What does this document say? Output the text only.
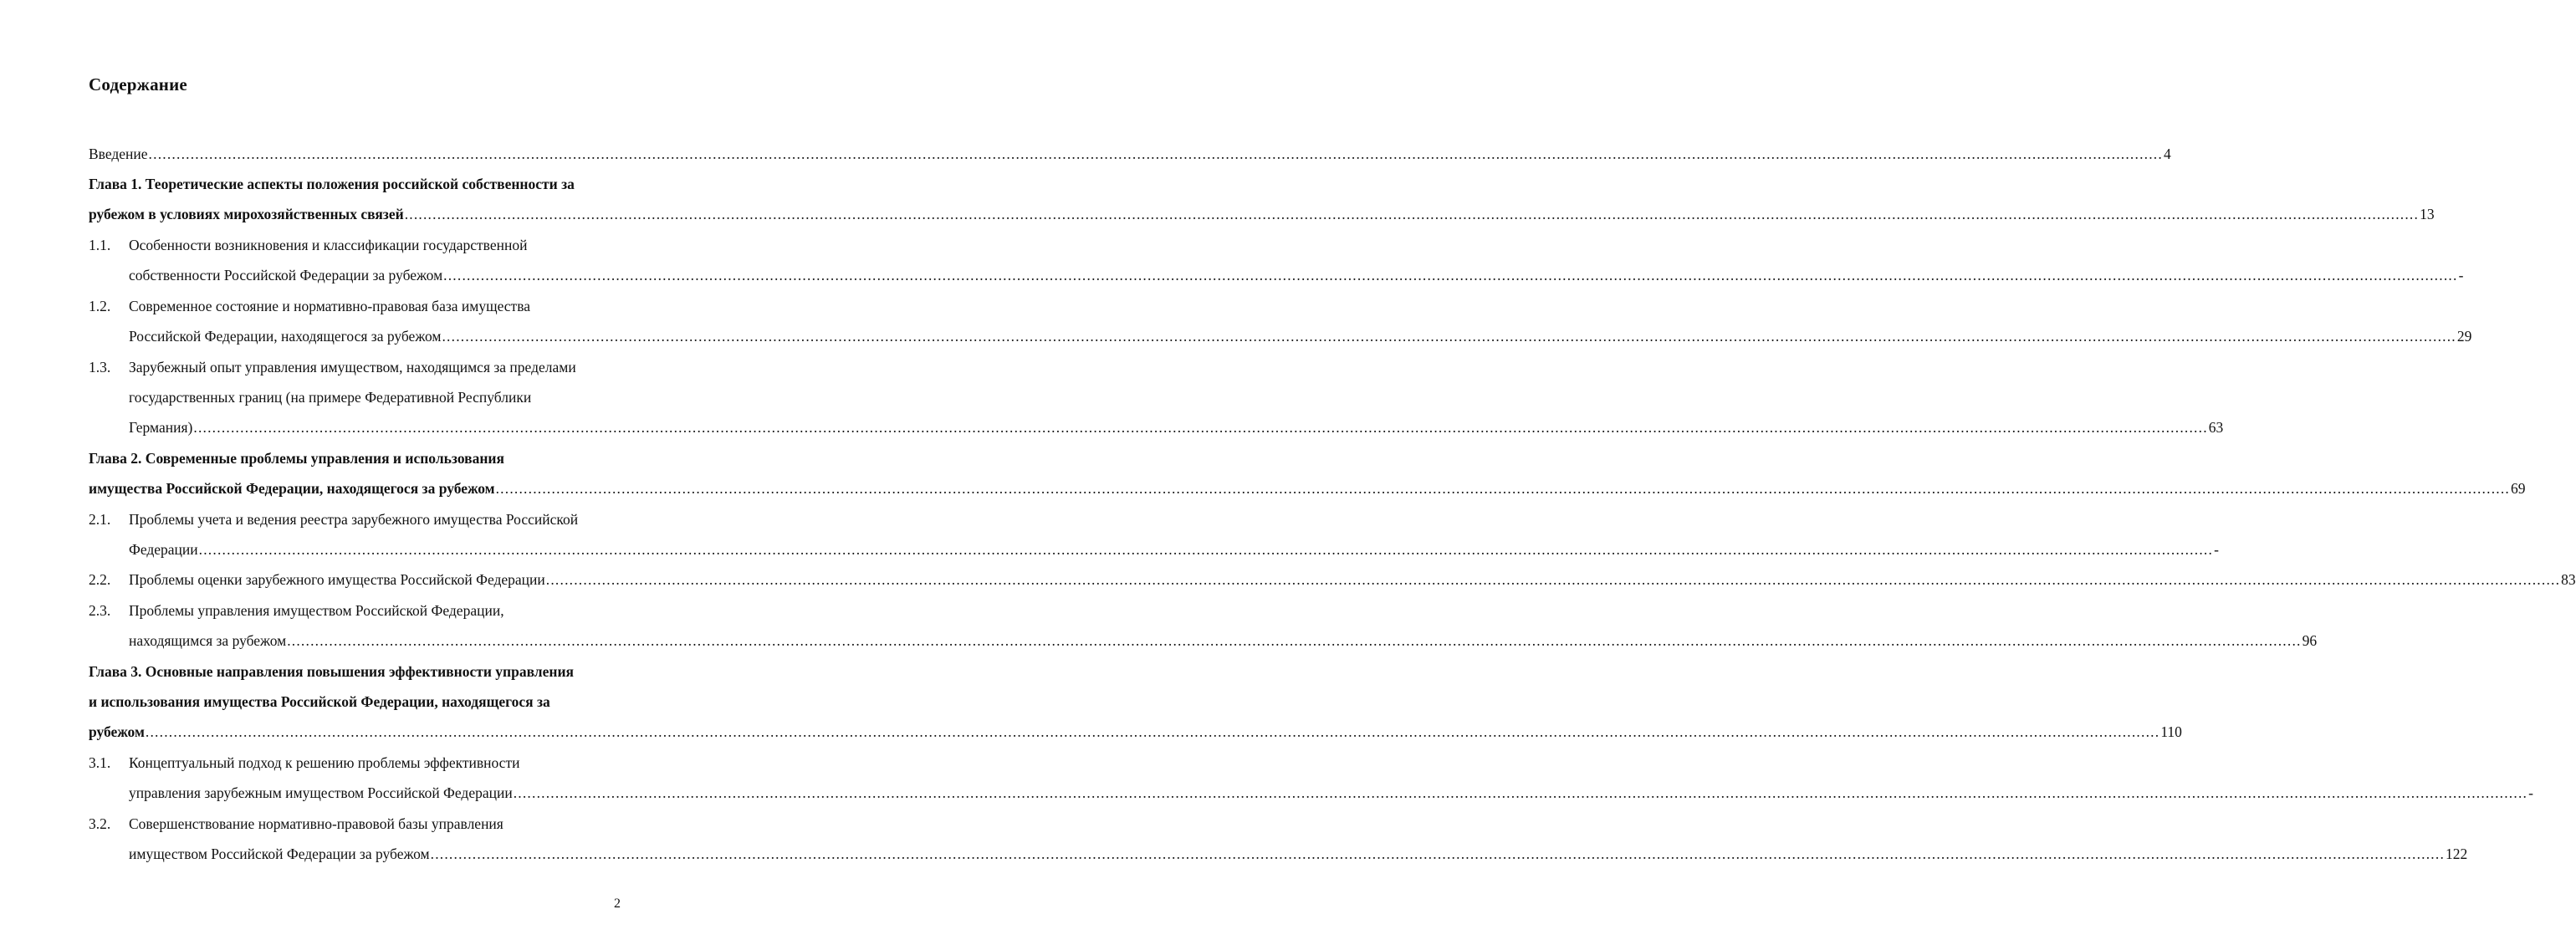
Содержание
Введение ................................................................................................................................................................................................................................................................................................................................................................................................................................................ 4
Глава 1. Теоретические аспекты положения российской собственности за
рубежом в условиях мирохозяйственных связей ................................................................................................................................................................................................................................................................................................................................................................................................................................................ 13
1.1. Особенности возникновения и классификации государственной
собственности Российской Федерации за рубежом ................................................................................................................................................................................................................................................................................................................................................................................................................................................ -
1.2. Современное состояние и нормативно-правовая база имущества
Российской Федерации, находящегося за рубежом ................................................................................................................................................................................................................................................................................................................................................................................................................................................ 29
1.3. Зарубежный опыт управления имуществом, находящимся за пределами
государственных границ (на примере Федеративной Республики
Германия) ................................................................................................................................................................................................................................................................................................................................................................................................................................................ 63
Глава 2. Современные проблемы управления и использования
имущества Российской Федерации, находящегося за рубежом ................................................................................................................................................................................................................................................................................................................................................................................................................................................ 69
2.1. Проблемы учета и ведения реестра зарубежного имущества Российской
Федерации ................................................................................................................................................................................................................................................................................................................................................................................................................................................ -
2.2. Проблемы оценки зарубежного имущества Российской Федерации ................................................................................................................................................................................................................................................................................................................................................................................................................................................ 83
2.3. Проблемы управления имуществом Российской Федерации,
находящимся за рубежом ................................................................................................................................................................................................................................................................................................................................................................................................................................................ 96
Глава 3. Основные направления повышения эффективности управления
и использования имущества Российской Федерации, находящегося за
рубежом ................................................................................................................................................................................................................................................................................................................................................................................................................................................ 110
3.1. Концептуальный подход к решению проблемы эффективности
управления зарубежным имуществом Российской Федерации ................................................................................................................................................................................................................................................................................................................................................................................................................................................ -
3.2. Совершенствование нормативно-правовой базы управления
имуществом Российской Федерации за рубежом ................................................................................................................................................................................................................................................................................................................................................................................................................................................ 122
2
